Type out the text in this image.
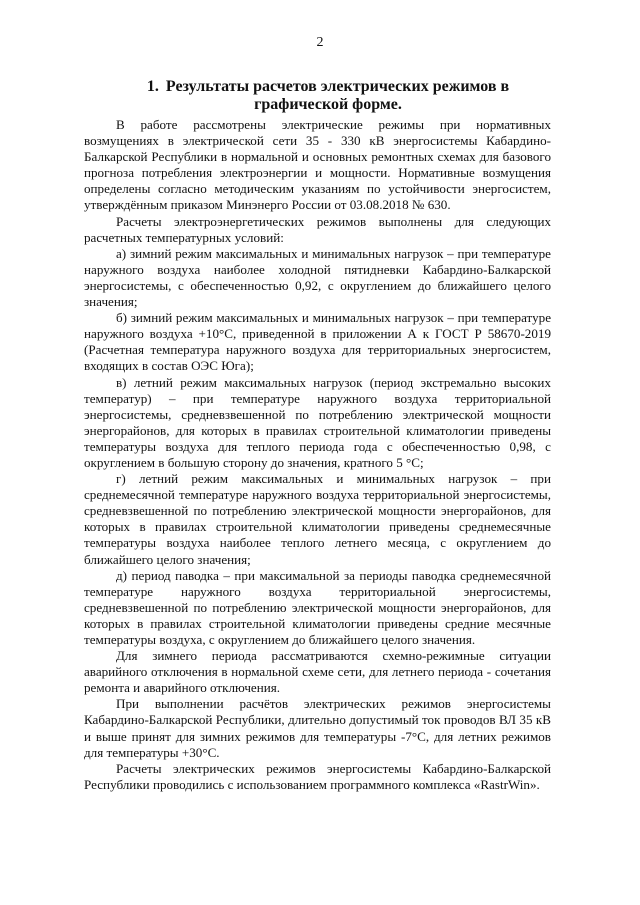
2
1. Результаты расчетов электрических режимов в графической форме.

В работе рассмотрены электрические режимы при нормативных возмущениях в электрической сети 35 - 330 кВ энергосистемы Кабардино-Балкарской Республики в нормальной и основных ремонтных схемах для базового прогноза потребления электроэнергии и мощности. Нормативные возмущения определены согласно методическим указаниям по устойчивости энергосистем, утверждённым приказом Минэнерго России от 03.08.2018 № 630.

Расчеты электроэнергетических режимов выполнены для следующих расчетных температурных условий:

а) зимний режим максимальных и минимальных нагрузок – при температуре наружного воздуха наиболее холодной пятидневки Кабардино-Балкарской энергосистемы, с обеспеченностью 0,92, с округлением до ближайшего целого значения;

б) зимний режим максимальных и минимальных нагрузок – при температуре наружного воздуха +10°С, приведенной в приложении А к ГОСТ Р 58670-2019 (Расчетная температура наружного воздуха для территориальных энергосистем, входящих в состав ОЭС Юга);

в) летний режим максимальных нагрузок (период экстремально высоких температур) – при температуре наружного воздуха территориальной энергосистемы, средневзвешенной по потреблению электрической мощности энергорайонов, для которых в правилах строительной климатологии приведены температуры воздуха для теплого периода года с обеспеченностью 0,98, с округлением в большую сторону до значения, кратного 5 °С;

г) летний режим максимальных и минимальных нагрузок – при среднемесячной температуре наружного воздуха территориальной энергосистемы, средневзвешенной по потреблению электрической мощности энергорайонов, для которых в правилах строительной климатологии приведены среднемесячные температуры воздуха наиболее теплого летнего месяца, с округлением до ближайшего целого значения;

д) период паводка – при максимальной за периоды паводка среднемесячной температуре наружного воздуха территориальной энергосистемы, средневзвешенной по потреблению электрической мощности энергорайонов, для которых в правилах строительной климатологии приведены средние месячные температуры воздуха, с округлением до ближайшего целого значения.

Для зимнего периода рассматриваются схемно-режимные ситуации аварийного отключения в нормальной схеме сети, для летнего периода - сочетания ремонта и аварийного отключения.

При выполнении расчётов электрических режимов энергосистемы Кабардино-Балкарской Республики, длительно допустимый ток проводов ВЛ 35 кВ и выше принят для зимних режимов для температуры -7°С, для летних режимов для температуры +30°С.

Расчеты электрических режимов энергосистемы Кабардино-Балкарской Республики проводились с использованием программного комплекса «RastrWin».
